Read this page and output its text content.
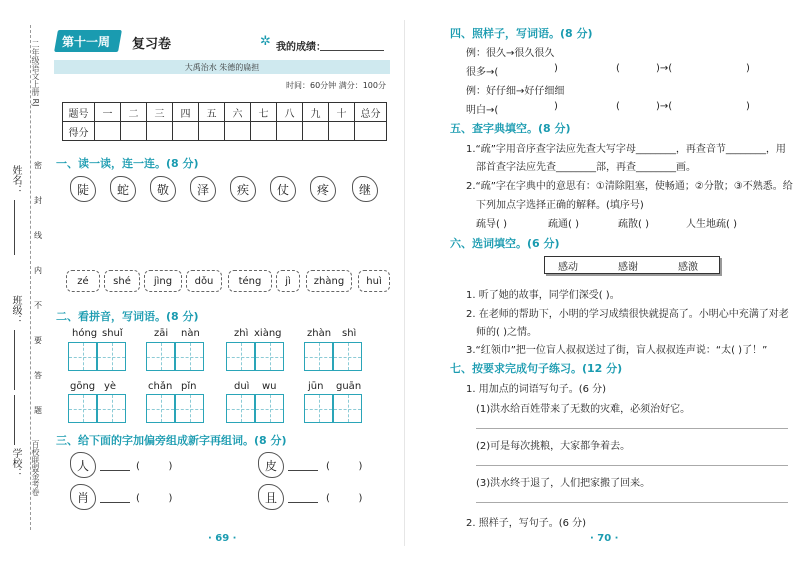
二年级语文上册 RJ
百校联盟金考卷
姓名：
班级：
学校：
密
封
线
内
不
要
答
题
第十一周 复习卷	✲ 我的成绩：
大禹治水 朱德的扁担
时间：60分钟 满分：100分
题号	一	二	三	四	五	六	七	八	九	十	总分
得分											
一、读一读，连一连。(8 分)
陡	蛇	敬	泽	疾	仗	疼	继
zé	shé	jìng	dǒu	téng	jì	zhàng	huì
二、看拼音，写词语。(8 分)
hóng shuǐ	zāi nàn	zhì xiàng	zhàn shì
gōng yè	chǎn pǐn	duì wu	jūn guān
三、给下面的字加偏旁组成新字再组词。(8 分)
人	(         )	皮	(         )
肖	(         )	且	(         )
· 69 ·
四、照样子，写词语。(8 分)
例：很久→很久很久
很多→(	)	( )→(	)
例：好仔细→好仔细细
明白→(	)	( )→(	)
五、查字典填空。(8 分)
1.“疏”字用音序查字法应先查大写字母________，再查音节________，用
部首查字法应先查________部，再查________画。
2.“疏”字在字典中的意思有：①清除阻塞，使畅通；②分散；③不熟悉。给
下列加点字选择正确的解释。(填序号)
疏导( )	疏通( )	疏散( )	人生地疏( )
六、选词填空。(6 分)
感动	感谢	感激
1. 听了她的故事，同学们深受( )。
2. 在老师的帮助下，小明的学习成绩很快就提高了。小明心中充满了对老
师的( )之情。
3.“红领巾”把一位盲人叔叔送过了街，盲人叔叔连声说：“太( )了！”
七、按要求完成句子练习。(12 分)
1. 用加点的词语写句子。(6 分)
(1)洪水给百姓带来了无数的灾难，必须治好它。
(2)可是每次挑粮，大家都争着去。
(3)洪水终于退了，人们把家搬了回来。
2. 照样子，写句子。(6 分)
· 70 ·
